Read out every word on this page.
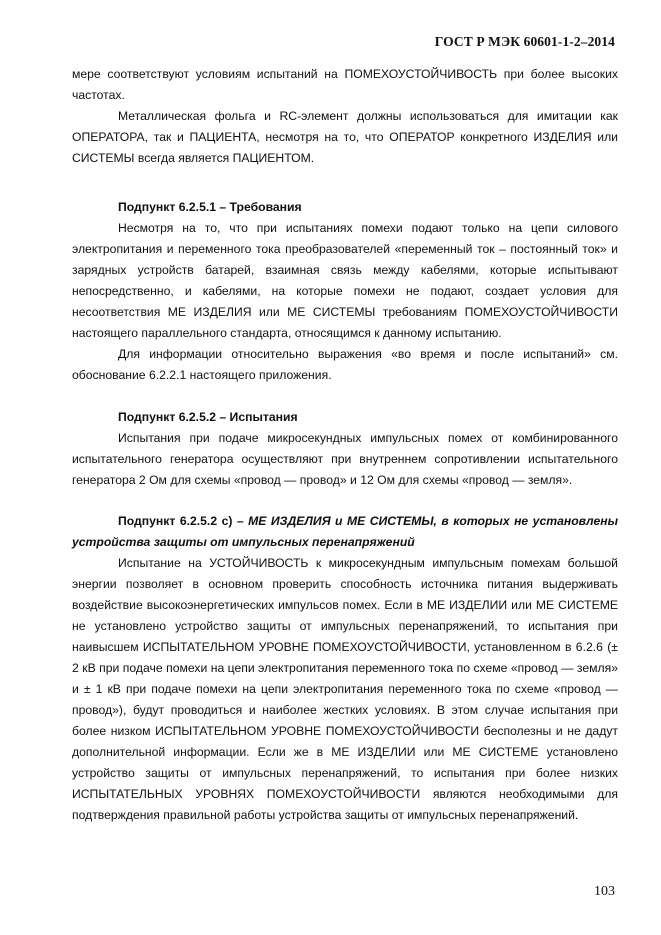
ГОСТ Р МЭК 60601-1-2–2014

мере соответствуют условиям испытаний на ПОМЕХОУСТОЙЧИВОСТЬ при более высоких частотах.

Металлическая фольга и RC-элемент должны использоваться для имитации как ОПЕРАТОРА, так и ПАЦИЕНТА, несмотря на то, что ОПЕРАТОР конкретного ИЗДЕЛИЯ или СИСТЕМЫ всегда является ПАЦИЕНТОМ.

Подпункт 6.2.5.1 – Требования

Несмотря на то, что при испытаниях помехи подают только на цепи силового электропитания и переменного тока преобразователей «переменный ток – постоянный ток» и зарядных устройств батарей, взаимная связь между кабелями, которые испытывают непосредственно, и кабелями, на которые помехи не подают, создает условия для несоответствия МЕ ИЗДЕЛИЯ или МЕ СИСТЕМЫ требованиям ПОМЕХОУСТОЙЧИВОСТИ настоящего параллельного стандарта, относящимся к данному испытанию.

Для информации относительно выражения «во время и после испытаний» см. обоснование 6.2.2.1 настоящего приложения.

Подпункт 6.2.5.2 – Испытания

Испытания при подаче микросекундных импульсных помех от комбинированного испытательного генератора осуществляют при внутреннем сопротивлении испытательного генератора 2 Ом для схемы «провод — провод» и 12 Ом для схемы «провод — земля».

Подпункт 6.2.5.2 с) – МЕ ИЗДЕЛИЯ и МЕ СИСТЕМЫ, в которых не установлены устройства защиты от импульсных перенапряжений

Испытание на УСТОЙЧИВОСТЬ к микросекундным импульсным помехам большой энергии позволяет в основном проверить способность источника питания выдерживать воздействие высокоэнергетических импульсов помех. Если в МЕ ИЗДЕЛИИ или МЕ СИСТЕМЕ не установлено устройство защиты от импульсных перенапряжений, то испытания при наивысшем ИСПЫТАТЕЛЬНОМ УРОВНЕ ПОМЕХОУСТОЙЧИВОСТИ, установленном в 6.2.6 (± 2 кВ при подаче помехи на цепи электропитания переменного тока по схеме «провод — земля» и ± 1 кВ при подаче помехи на цепи электропитания переменного тока по схеме «провод — провод»), будут проводиться и наиболее жестких условиях. В этом случае испытания при более низком ИСПЫТАТЕЛЬНОМ УРОВНЕ ПОМЕХОУСТОЙЧИВОСТИ бесполезны и не дадут дополнительной информации. Если же в МЕ ИЗДЕЛИИ или МЕ СИСТЕМЕ установлено устройство защиты от импульсных перенапряжений, то испытания при более низких ИСПЫТАТЕЛЬНЫХ УРОВНЯХ ПОМЕХОУСТОЙЧИВОСТИ являются необходимыми для подтверждения правильной работы устройства защиты от импульсных перенапряжений.

103
